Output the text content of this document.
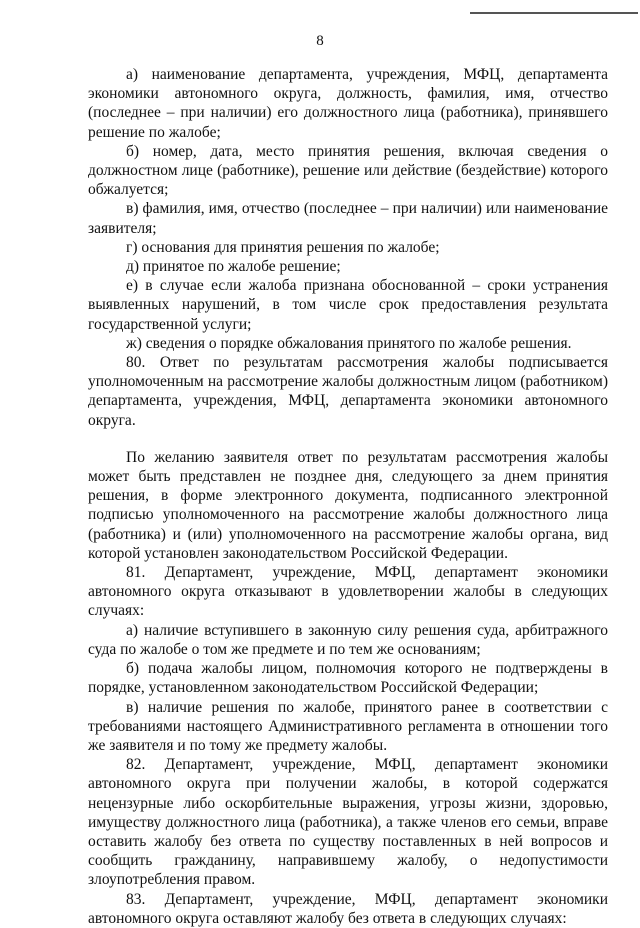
8

а) наименование департамента, учреждения, МФЦ, департамента экономики автономного округа, должность, фамилия, имя, отчество (последнее – при наличии) его должностного лица (работника), принявшего решение по жалобе;

б) номер, дата, место принятия решения, включая сведения о должностном лице (работнике), решение или действие (бездействие) которого обжалуется;

в) фамилия, имя, отчество (последнее – при наличии) или наименование заявителя;

г) основания для принятия решения по жалобе;

д) принятое по жалобе решение;

е) в случае если жалоба признана обоснованной – сроки устранения выявленных нарушений, в том числе срок предоставления результата государственной услуги;

ж) сведения о порядке обжалования принятого по жалобе решения.

80. Ответ по результатам рассмотрения жалобы подписывается уполномоченным на рассмотрение жалобы должностным лицом (работником) департамента, учреждения, МФЦ, департамента экономики автономного округа.

По желанию заявителя ответ по результатам рассмотрения жалобы может быть представлен не позднее дня, следующего за днем принятия решения, в форме электронного документа, подписанного электронной подписью уполномоченного на рассмотрение жалобы должностного лица (работника) и (или) уполномоченного на рассмотрение жалобы органа, вид которой установлен законодательством Российской Федерации.

81. Департамент, учреждение, МФЦ, департамент экономики автономного округа отказывают в удовлетворении жалобы в следующих случаях:

а) наличие вступившего в законную силу решения суда, арбитражного суда по жалобе о том же предмете и по тем же основаниям;

б) подача жалобы лицом, полномочия которого не подтверждены в порядке, установленном законодательством Российской Федерации;

в) наличие решения по жалобе, принятого ранее в соответствии с требованиями настоящего Административного регламента в отношении того же заявителя и по тому же предмету жалобы.

82. Департамент, учреждение, МФЦ, департамент экономики автономного округа при получении жалобы, в которой содержатся нецензурные либо оскорбительные выражения, угрозы жизни, здоровью, имуществу должностного лица (работника), а также членов его семьи, вправе оставить жалобу без ответа по существу поставленных в ней вопросов и сообщить гражданину, направившему жалобу, о недопустимости злоупотребления правом.

83. Департамент, учреждение, МФЦ, департамент экономики автономного округа оставляют жалобу без ответа в следующих случаях:
